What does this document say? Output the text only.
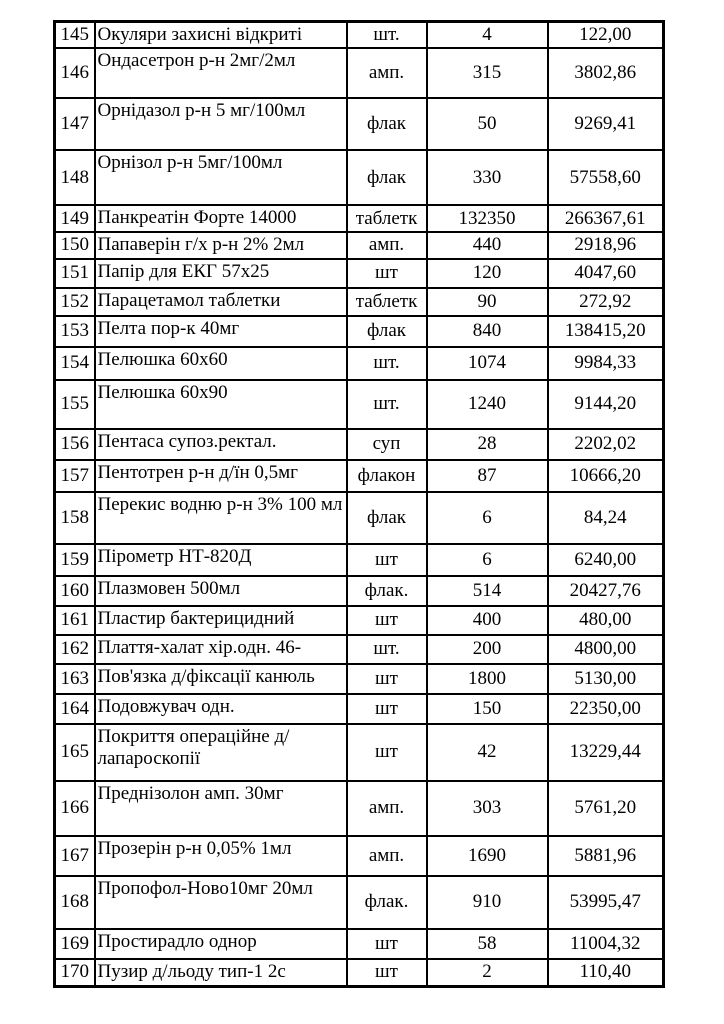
145	Окуляри захисні відкриті	шт.	4	122,00
146	Ондасетрон р-н 2мг/2мл	амп.	315	3802,86
147	Орнідазол р-н 5 мг/100мл	флак	50	9269,41
148	Орнізол р-н 5мг/100мл	флак	330	57558,60
149	Панкреатін Форте 14000	таблетк	132350	266367,61
150	Папаверін г/х р-н 2% 2мл	амп.	440	2918,96
151	Папір для ЕКГ 57х25	шт	120	4047,60
152	Парацетамол таблетки	таблетк	90	272,92
153	Пелта пор-к 40мг	флак	840	138415,20
154	Пелюшка 60х60	шт.	1074	9984,33
155	Пелюшка 60х90	шт.	1240	9144,20
156	Пентаса супоз.ректал.	суп	28	2202,02
157	Пентотрен р-н д/їн 0,5мг	флакон	87	10666,20
158	Перекис водню р-н 3% 100 мл	флак	6	84,24
159	Пірометр НТ-820Д	шт	6	6240,00
160	Плазмовен 500мл	флак.	514	20427,76
161	Пластир бактерицидний	шт	400	480,00
162	Плаття-халат хір.одн. 46-	шт.	200	4800,00
163	Пов'язка д/фіксації канюль	шт	1800	5130,00
164	Подовжувач одн.	шт	150	22350,00
165	Покриття операційне д/лапароскопії	шт	42	13229,44
166	Преднізолон амп. 30мг	амп.	303	5761,20
167	Прозерін р-н 0,05% 1мл	амп.	1690	5881,96
168	Пропофол-Ново10мг 20мл	флак.	910	53995,47
169	Простирадло однор	шт	58	11004,32
170	Пузир д/льоду тип-1 2с	шт	2	110,40
